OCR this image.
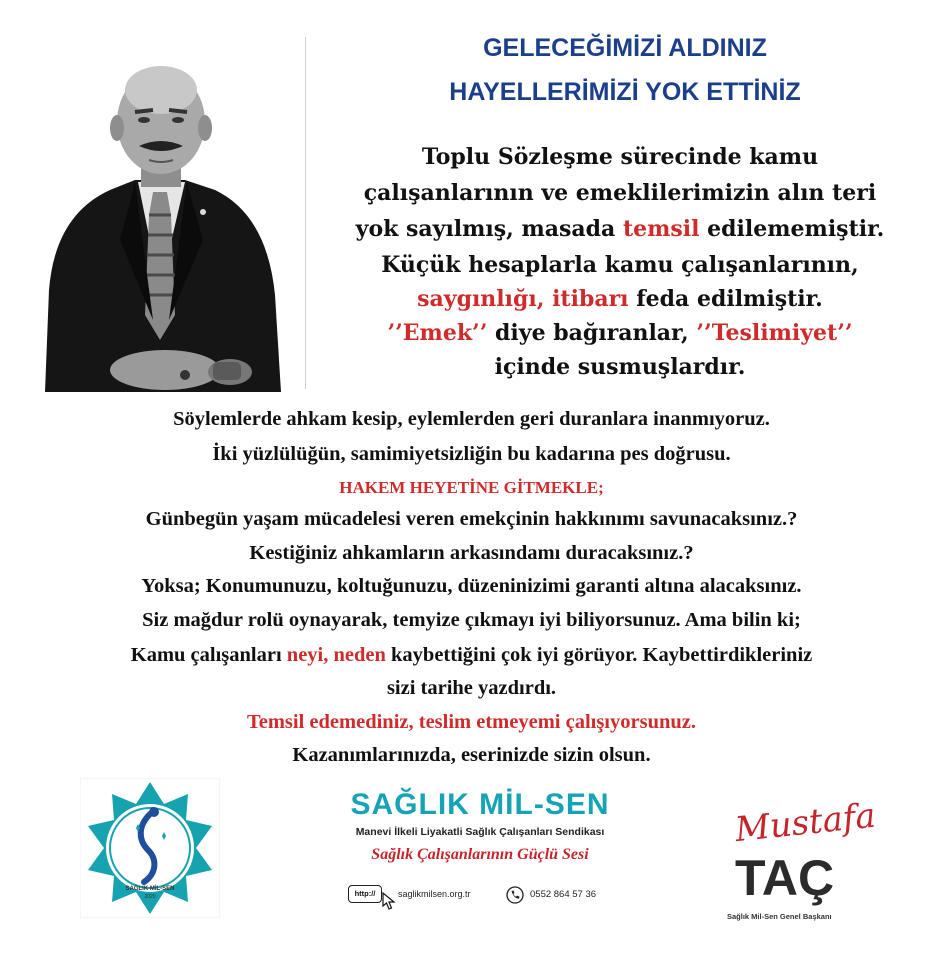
GELECEĞİMİZİ ALDINIZ
HAYELLERİMİZİ YOK ETTİNİZ
Toplu Sözleşme sürecinde kamu
çalışanlarının ve emeklilerimizin alın teri
yok sayılmış, masada temsil edilememiştir.
Küçük hesaplarla kamu çalışanlarının,
saygınlığı, itibarı feda edilmiştir.
’’Emek’’ diye bağıranlar, ’’Teslimiyet’’
içinde susmuşlardır.
Söylemlerde ahkam kesip, eylemlerden geri duranlara inanmıyoruz.
İki yüzlülüğün, samimiyetsizliğin bu kadarına pes doğrusu.
HAKEM HEYETİNE GİTMEKLE;
Günbegün yaşam mücadelesi veren emekçinin hakkınımı savunacaksınız.?
Kestiğiniz ahkamların arkasındamı duracaksınız.?
Yoksa; Konumunuzu, koltuğunuzu, düzeninizimi garanti altına alacaksınız.
Siz mağdur rolü oynayarak, temyize çıkmayı iyi biliyorsunuz. Ama bilin ki;
Kamu çalışanları neyi, neden kaybettiğini çok iyi görüyor. Kaybettirdikleriniz
sizi tarihe yazdırdı.
Temsil edemediniz, teslim etmeyemi çalışıyorsunuz.
Kazanımlarınızda, eserinizde sizin olsun.
SAĞLIK MİL-SEN
2020
SAĞLIK MİL-SEN
Manevi İlkeli Liyakatli Sağlık Çalışanları Sendikası
Sağlık Çalışanlarının Güçlü Sesi
http://	saglikmilsen.org.tr	0552 864 57 36
Mustafa
TAÇ
Sağlık Mil-Sen Genel Başkanı
